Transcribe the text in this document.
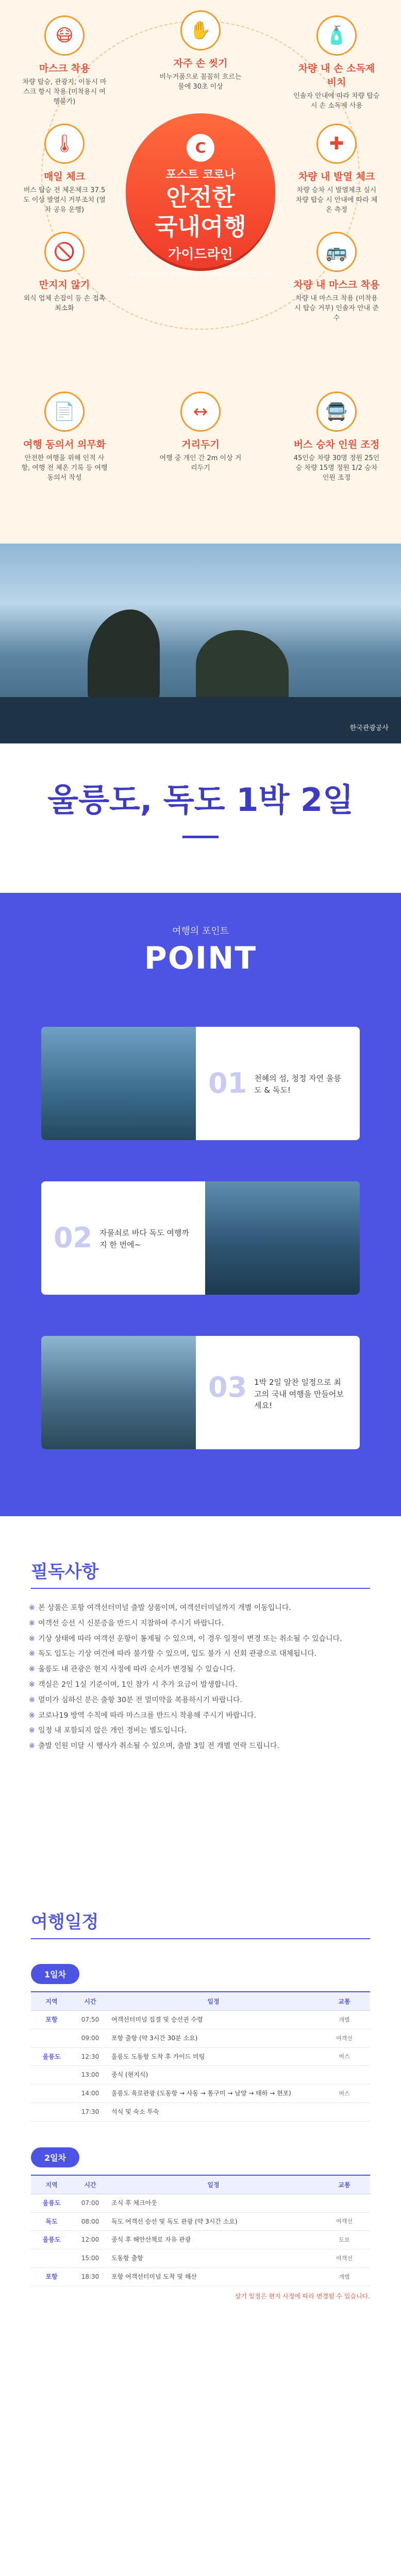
😷
마스크 착용
차량 탑승, 관광지, 이동시 마스크 항시 착용 (미착용시 여행불가)
✋
자주 손 씻기
비누거품으로 꼼꼼히 흐르는 물에 30초 이상
🧴
차량 내 손 소독제 비치
인솔자 안내에 따라 차량 탑승 시 손 소독제 사용
🌡
매일 체크
버스 탑승 전 체온체크 37.5도 이상 발열시 거부조치 (열차 공유 운행)
✚
차량 내 발열 체크
차량 승차 시 발열체크 실시 차량 탑승 시 안내에 따라 체온 측정
🚫
만지지 않기
외식 업체 손잡이 등 손 접촉 최소화
🚌
차량 내 마스크 착용
차량 내 마스크 착용 (미착용시 탑승 거부) 인솔자 안내 준수
C
포스트 코로나
안전한
국내여행
가이드라인
한국관광공사 · KOREA TOURISM ORGANIZATION
📄
여행 동의서 의무화
안전한 여행을 위해 인적 사항, 여행 전 체온 기록 등 여행 동의서 작성
↔
거리두기
여행 중 개인 간 2m 이상 거리두기
🚍
버스 승차 인원 조정
45인승 차량 30명 정원 25인승 차량 15명 정원 1/2 승차 인원 조정
한국관광공사
울릉도, 독도 1박 2일
여행의 포인트
POINT
01 천혜의 섬, 청정 자연 울릉도 & 독도!
02 자물쇠로 바다 독도 여행까지 한 번에~
03 1박 2일 알찬 일정으로 최고의 국내 여행을 만들어보세요!
필독사항
※ 본 상품은 포항 여객선터미널 출발 상품이며, 여객선터미널까지 개별 이동입니다.
※ 여객선 승선 시 신분증을 반드시 지참하여 주시기 바랍니다.
※ 기상 상태에 따라 여객선 운항이 통제될 수 있으며, 이 경우 일정이 변경 또는 취소될 수 있습니다.
※ 독도 입도는 기상 여건에 따라 불가할 수 있으며, 입도 불가 시 선회 관광으로 대체됩니다.
※ 울릉도 내 관광은 현지 사정에 따라 순서가 변경될 수 있습니다.
※ 객실은 2인 1실 기준이며, 1인 참가 시 추가 요금이 발생합니다.
※ 멀미가 심하신 분은 출항 30분 전 멀미약을 복용하시기 바랍니다.
※ 코로나19 방역 수칙에 따라 마스크를 반드시 착용해 주시기 바랍니다.
※ 일정 내 포함되지 않은 개인 경비는 별도입니다.
※ 출발 인원 미달 시 행사가 취소될 수 있으며, 출발 3일 전 개별 연락 드립니다.
여행일정
1일차
지역	시간	일정	교통
포항	07:50	여객선터미널 집결 및 승선권 수령	개별
	09:00	포항 출항 (약 3시간 30분 소요)	여객선
울릉도	12:30	울릉도 도동항 도착 후 가이드 미팅	버스
	13:00	중식 (현지식)	
	14:00	울릉도 육로관광 (도동항 → 사동 → 통구미 → 남양 → 태하 → 현포)	버스
	17:30	석식 및 숙소 투숙	
2일차
지역	시간	일정	교통
울릉도	07:00	조식 후 체크아웃	
독도	08:00	독도 여객선 승선 및 독도 관광 (약 3시간 소요)	여객선
울릉도	12:00	중식 후 해안산책로 자유 관광	도보
	15:00	도동항 출항	여객선
포항	18:30	포항 여객선터미널 도착 및 해산	개별
상기 일정은 현지 사정에 따라 변경될 수 있습니다.
